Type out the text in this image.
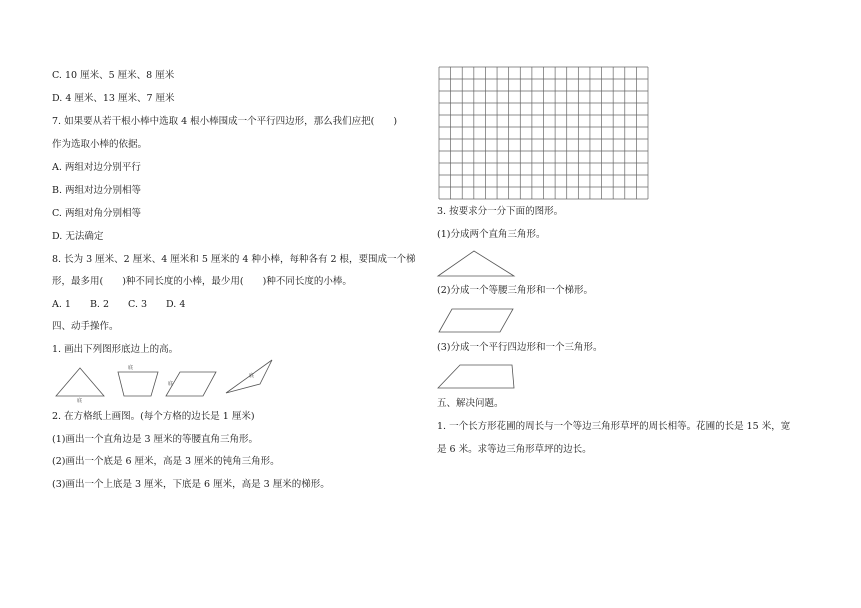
C. 10 厘米、5 厘米、8 厘米
D. 4 厘米、13 厘米、7 厘米
7. 如果要从若干根小棒中选取 4 根小棒围成一个平行四边形，那么我们应把(　　)
作为选取小棒的依据。
A. 两组对边分别平行
B. 两组对边分别相等
C. 两组对角分别相等
D. 无法确定
8. 长为 3 厘米、2 厘米、4 厘米和 5 厘米的 4 种小棒，每种各有 2 根，要围成一个梯
形，最多用(　　)种不同长度的小棒，最少用(　　)种不同长度的小棒。
A. 1　　B. 2　　C. 3　　D. 4
四、动手操作。
1. 画出下列图形底边上的高。
底
底
底
底
2. 在方格纸上画图。(每个方格的边长是 1 厘米)
(1)画出一个直角边是 3 厘米的等腰直角三角形。
(2)画出一个底是 6 厘米，高是 3 厘米的钝角三角形。
(3)画出一个上底是 3 厘米，下底是 6 厘米，高是 3 厘米的梯形。
3. 按要求分一分下面的图形。
(1)分成两个直角三角形。
(2)分成一个等腰三角形和一个梯形。
(3)分成一个平行四边形和一个三角形。
五、解决问题。
1. 一个长方形花圃的周长与一个等边三角形草坪的周长相等。花圃的长是 15 米，宽
是 6 米。求等边三角形草坪的边长。
